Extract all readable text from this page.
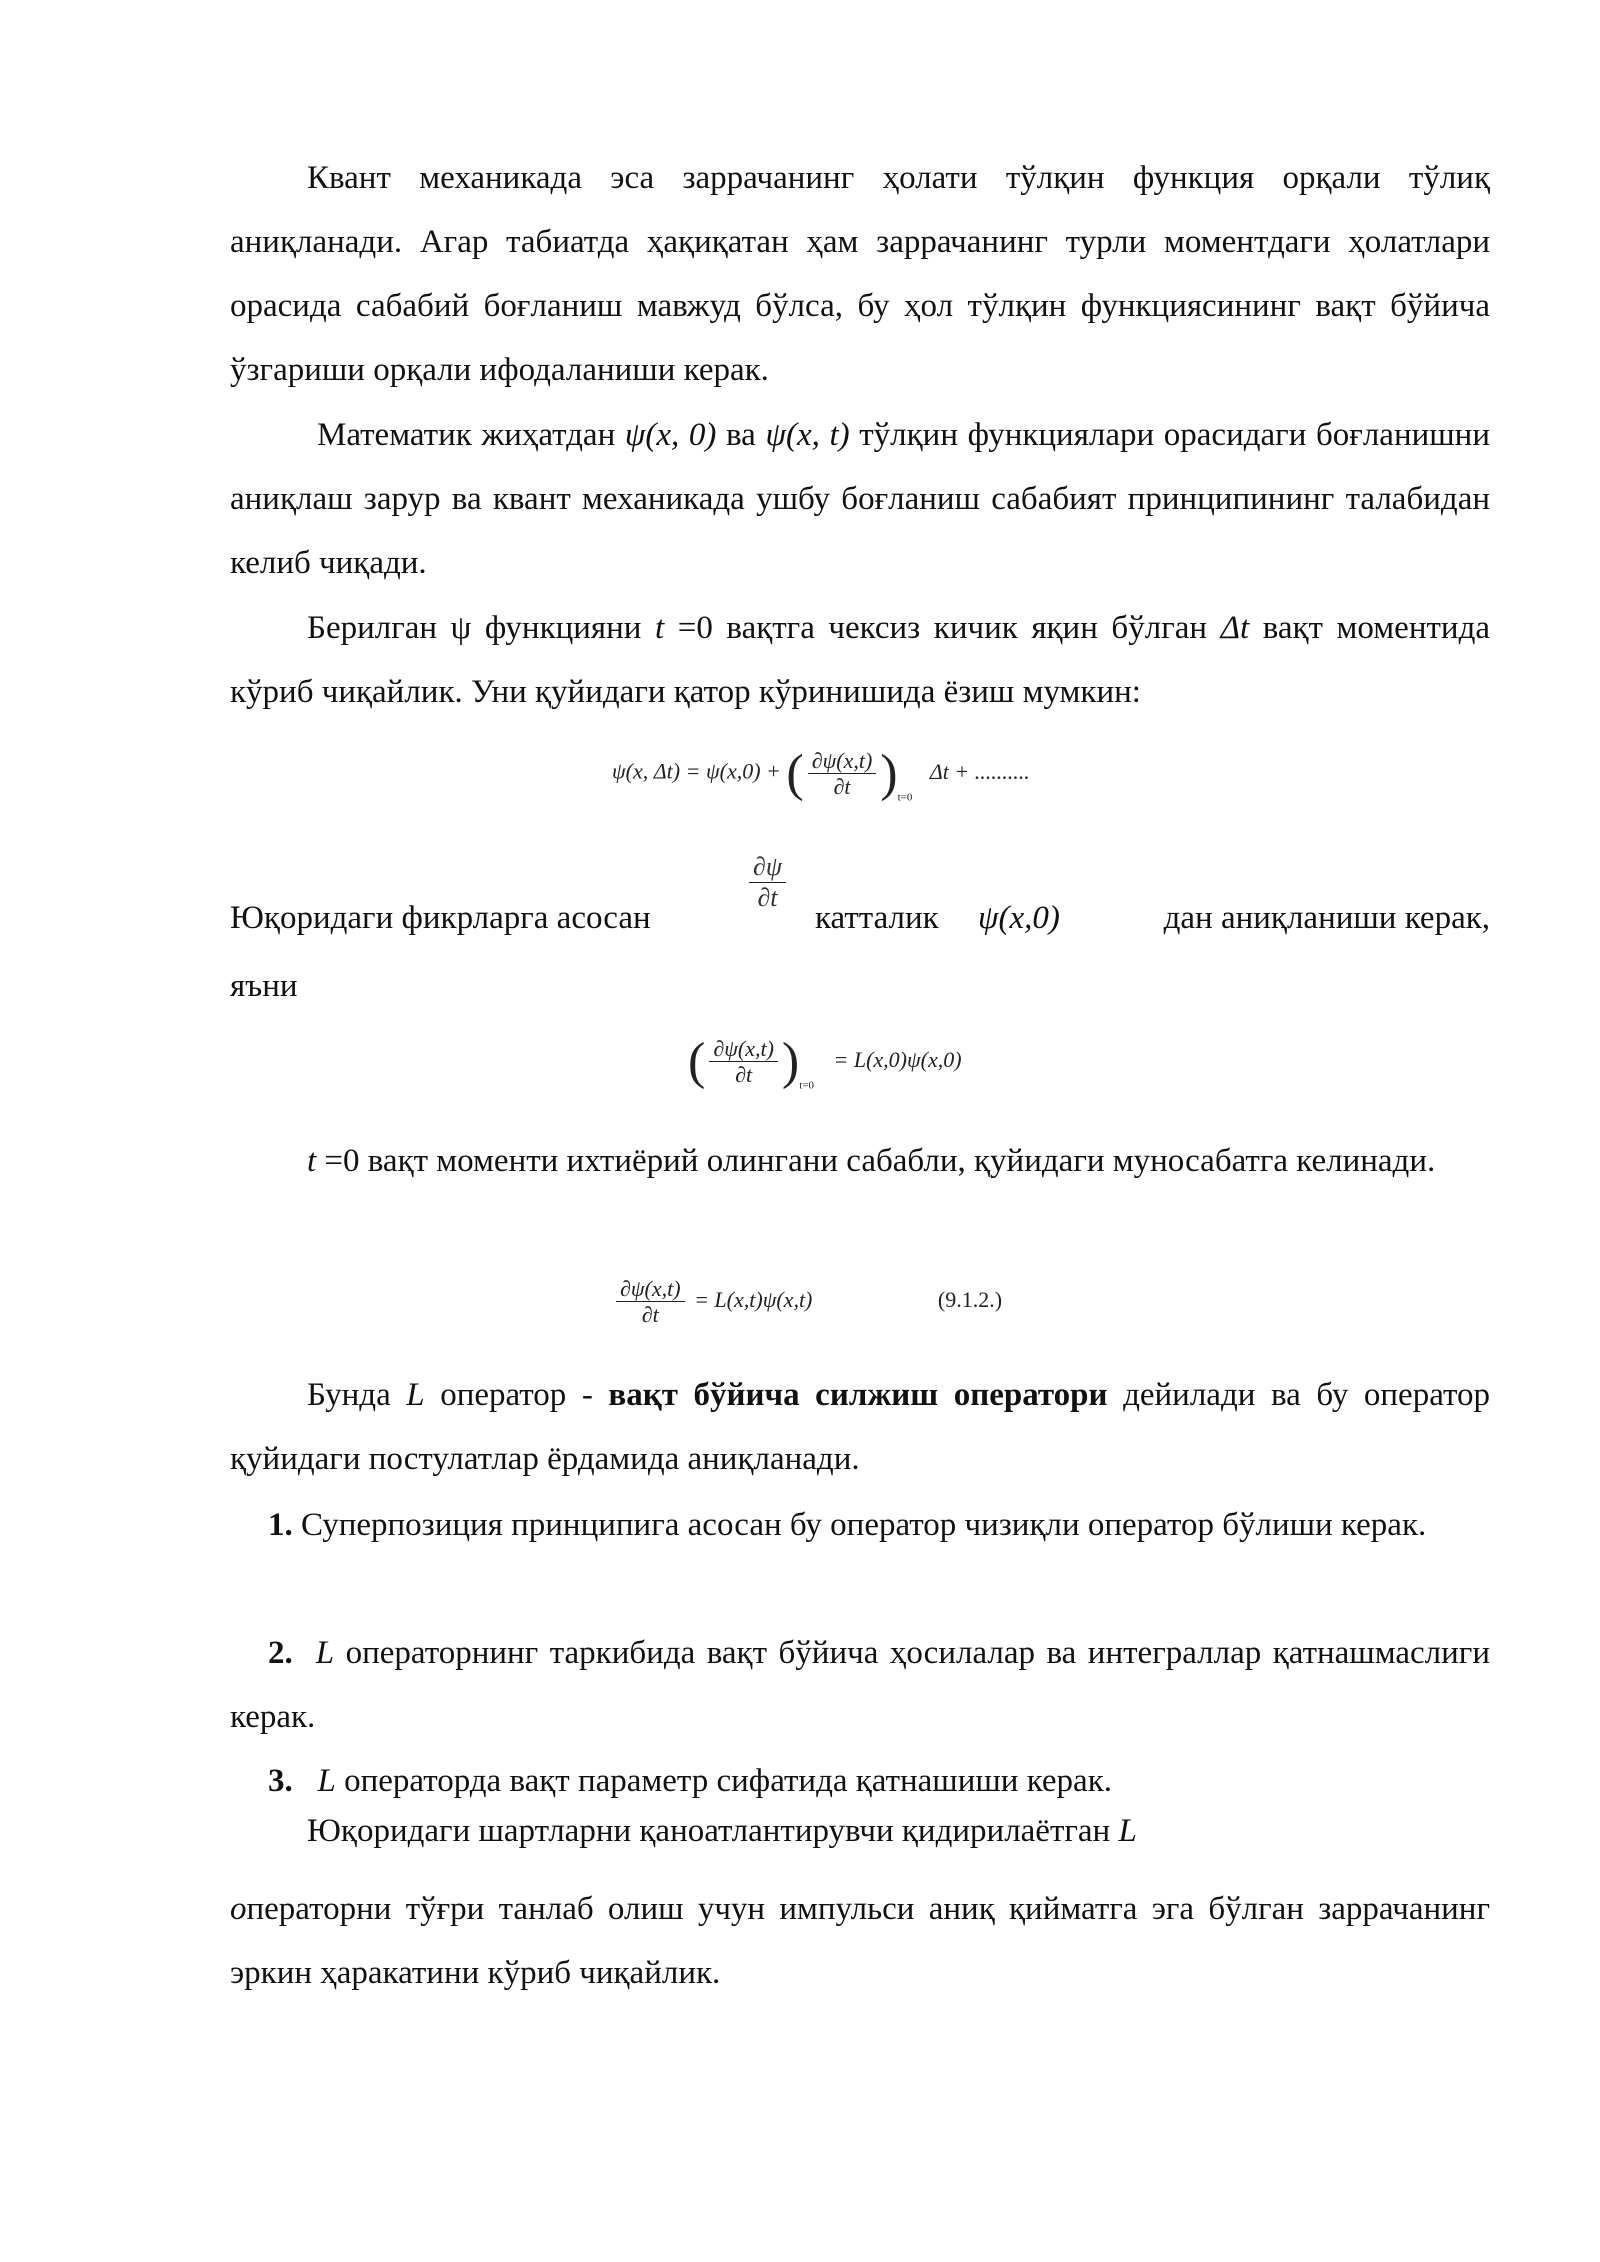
Квант механикада эса заррачанинг ҳолати тўлқин функция орқали тўлиқ аниқланади. Агар табиатда ҳақиқатан ҳам заррачанинг турли моментдаги ҳолатлари орасида сабабий боғланиш мавжуд бўлса, бу ҳол тўлқин функциясининг вақт бўйича ўзгариши орқали ифодаланиши керак.

Математик жиҳатдан ψ(x, 0) ва ψ(x, t) тўлқин функциялари орасидаги боғланишни аниқлаш зарур ва квант механикада ушбу боғланиш сабабият принципининг талабидан келиб чиқади.

Берилган ψ функцияни t =0 вақтга чексиз кичик яқин бўлган Δt вақт моментида кўриб чиқайлик. Уни қуйидаги қатор кўринишида ёзиш мумкин:

ψ(x, Δt) = ψ(x,0) + ( $\frac{\partial\psi(x,t)}{\partial t} )_{t=0}$ Δt + ..........
Юқоридаги фикрларга асосан
$\frac{\partial\psi}{\partial t}$
катталик ψ(x,0)	дан аниқланиши керак,
яъни
( $\frac{\partial\psi(x,t)}{\partial t} )_{t=0} = L(x,0)\psi(x,0)$

t =0 вақт моменти ихтиёрий олингани сабабли, қуйидаги муносабатга келинади.

$\frac{\partial\psi(x,t)}{\partial t} = L(x,t)\psi(x,t)$	(9.1.2.)

Бунда L оператор - вақт бўйича силжиш оператори дейилади ва бу оператор қуйидаги постулатлар ёрдамида аниқланади.

1. Суперпозиция принципига асосан бу оператор чизиқли оператор бўлиши керак.

2. L операторнинг таркибида вақт бўйича ҳосилалар ва интеграллар қатнашмаслиги керак.

3. L операторда вақт параметр сифатида қатнашиши керак.

Юқоридаги шартларни қаноатлантирувчи қидирилаётган L

операторни тўғри танлаб олиш учун импульси аниқ қийматга эга бўлган заррачанинг эркин ҳаракатини кўриб чиқайлик.
